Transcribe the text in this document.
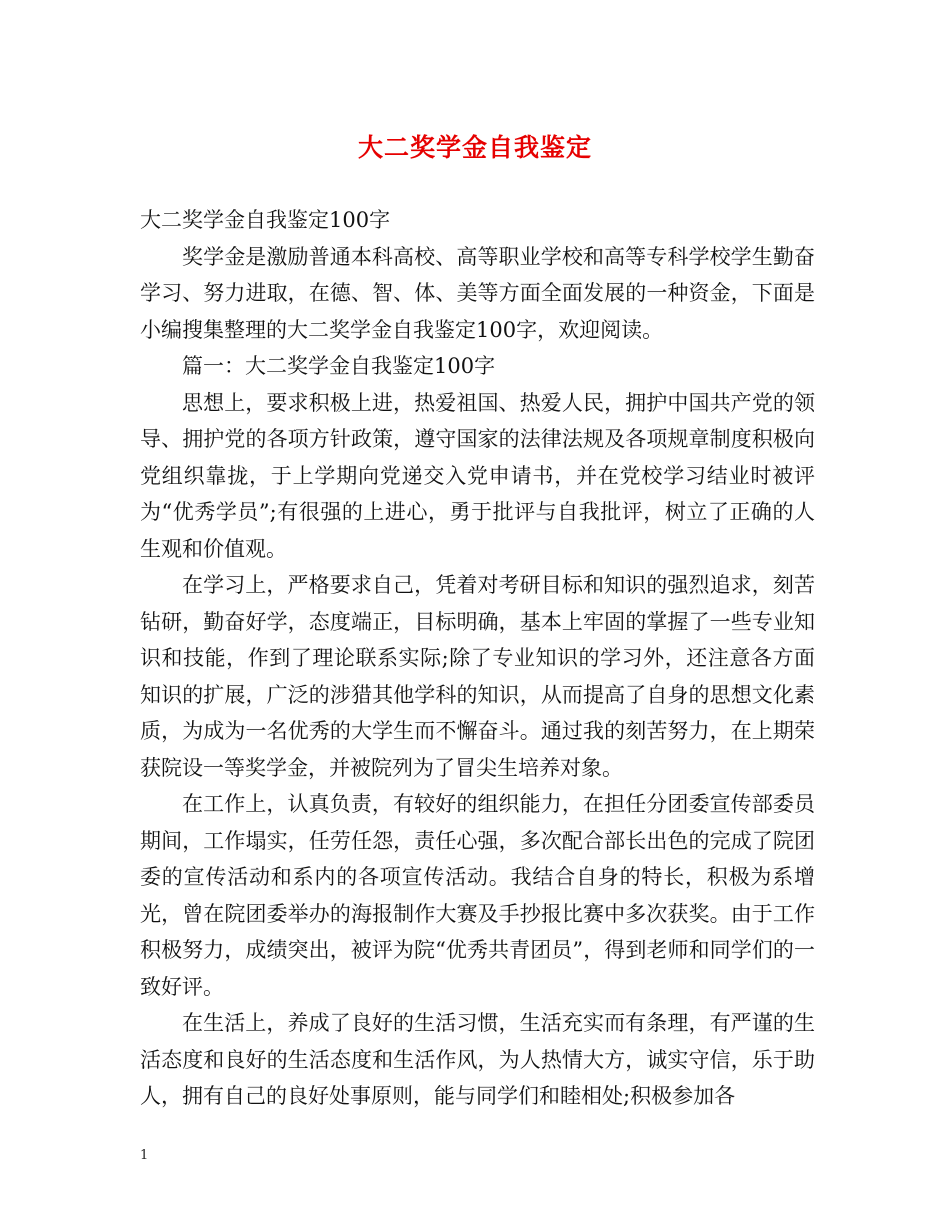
大二奖学金自我鉴定

大二奖学金自我鉴定100字

奖学金是激励普通本科高校、高等职业学校和高等专科学校学生勤奋学习、努力进取，在德、智、体、美等方面全面发展的一种资金，下面是小编搜集整理的大二奖学金自我鉴定100字，欢迎阅读。

篇一：大二奖学金自我鉴定100字

思想上，要求积极上进，热爱祖国、热爱人民，拥护中国共产党的领导、拥护党的各项方针政策，遵守国家的法律法规及各项规章制度积极向党组织靠拢，于上学期向党递交入党申请书，并在党校学习结业时被评为“优秀学员”;有很强的上进心，勇于批评与自我批评，树立了正确的人生观和价值观。

在学习上，严格要求自己，凭着对考研目标和知识的强烈追求，刻苦钻研，勤奋好学，态度端正，目标明确，基本上牢固的掌握了一些专业知识和技能，作到了理论联系实际;除了专业知识的学习外，还注意各方面知识的扩展，广泛的涉猎其他学科的知识，从而提高了自身的思想文化素质，为成为一名优秀的大学生而不懈奋斗。通过我的刻苦努力，在上期荣获院设一等奖学金，并被院列为了冒尖生培养对象。

在工作上，认真负责，有较好的组织能力，在担任分团委宣传部委员期间，工作塌实，任劳任怨，责任心强，多次配合部长出色的完成了院团委的宣传活动和系内的各项宣传活动。我结合自身的特长，积极为系增光，曾在院团委举办的海报制作大赛及手抄报比赛中多次获奖。由于工作积极努力，成绩突出，被评为院“优秀共青团员”，得到老师和同学们的一致好评。

在生活上，养成了良好的生活习惯，生活充实而有条理，有严谨的生活态度和良好的生活态度和生活作风，为人热情大方，诚实守信，乐于助人，拥有自己的良好处事原则，能与同学们和睦相处;积极参加各

1
